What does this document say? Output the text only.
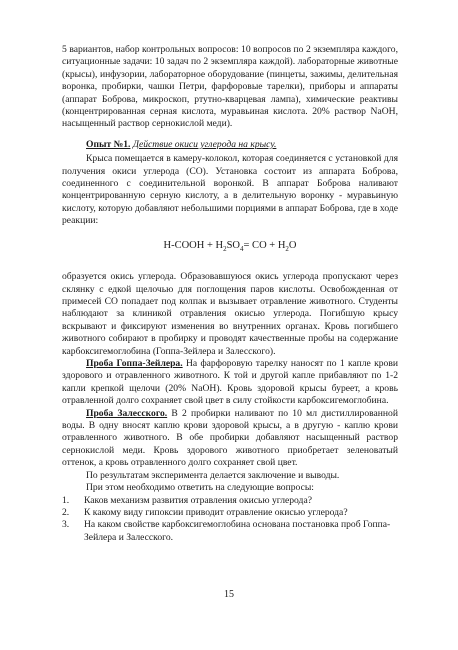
5 вариантов, набор контрольных вопросов: 10 вопросов по 2 экземпляра каждого, ситуационные задачи: 10 задач по 2 экземпляра каждой). лабораторные животные (крысы), инфузории, лабораторное оборудование (пинцеты, зажимы, делительная воронка, пробирки, чашки Петри, фарфоровые тарелки), приборы и аппараты (аппарат Боброва, микроскоп, ртутно-кварцевая лампа), химические реактивы (концентрированная серная кислота, муравьиная кислота. 20% раствор NaOH, насыщенный раствор сернокислой меди).

Опыт №1. Действие окиси углерода на крысу.

Крыса помещается в камеру-колокол, которая соединяется с установкой для получения окиси углерода (CO). Установка состоит из аппарата Боброва, соединенного с соединительной воронкой. В аппарат Боброва наливают концентрированную серную кислоту, а в делительную воронку - муравьиную кислоту, которую добавляют небольшими порциями в аппарат Боброва, где в ходе реакции:

H-COOH + $H_2SO_4=$ CO + $H_2O$

образуется окись углерода. Образовавшуюся окись углерода пропускают через склянку с едкой щелочью для поглощения паров кислоты. Освобожденная от примесей CO попадает под колпак и вызывает отравление животного. Студенты наблюдают за клиникой отравления окисью углерода. Погибшую крысу вскрывают и фиксируют изменения во внутренних органах. Кровь погибшего животного собирают в пробирку и проводят качественные пробы на содержание карбоксигемоглобина (Гоппа-Зейлера и Залесского).

Проба Гоппа-Зейлера. На фарфоровую тарелку наносят по 1 капле крови здорового и отравленного животного. К той и другой капле прибавляют по 1-2 капли крепкой щелочи (20% NaOH). Кровь здоровой крысы буреет, а кровь отравленной долго сохраняет свой цвет в силу стойкости карбоксигемоглобина.

Проба Залесского. В 2 пробирки наливают по 10 мл дистиллированной воды. В одну вносят каплю крови здоровой крысы, а в другую - каплю крови отравленного животного. В обе пробирки добавляют насыщенный раствор сернокислой меди. Кровь здорового животного приобретает зеленоватый оттенок, а кровь отравленного долго сохраняет свой цвет.

По результатам эксперимента делается заключение и выводы.

При этом необходимо ответить на следующие вопросы:

1.	Каков механизм развития отравления окисью углерода?
2.	К какому виду гипоксии приводит отравление окисью углерода?
3.	На каком свойстве карбоксигемоглобина основана постановка проб Гоппа-Зейлера и Залесского.
15
